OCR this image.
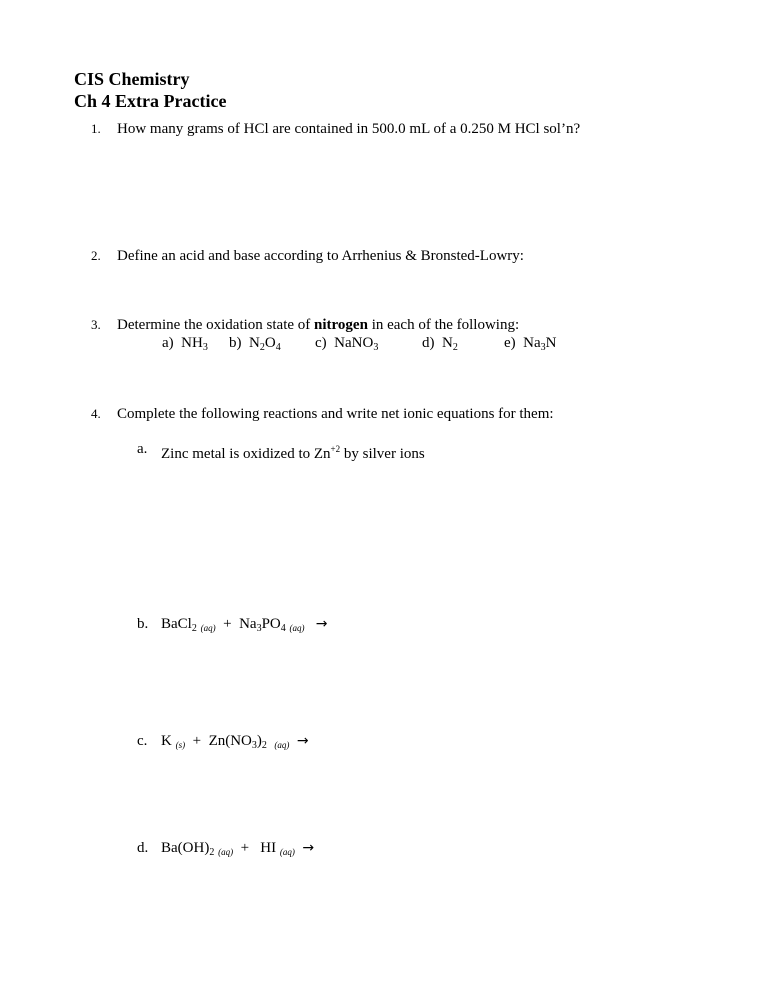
CIS Chemistry
Ch 4 Extra Practice
1. How many grams of HCl are contained in 500.0 mL of a 0.250 M HCl sol’n?
2. Define an acid and base according to Arrhenius & Bronsted-Lowry:
3. Determine the oxidation state of nitrogen in each of the following:
a) $NH_3$ b) $N_2O_4$ c) NaNO$_3$	d) $N_2$	e) $Na_3N$
4. Complete the following reactions and write net ionic equations for them:
a. Zinc metal is oxidized to $Zn^{+2}$ by silver ions
b. BaCl$_2$ $_{(aq)} + Na_3PO_4$ $_{(aq)}$ →
c. K $_{(s)} + Zn(NO_3)_2$ $_{(aq)}$ →
d. $Ba(OH)_2$ $_{(aq)}$ + HI $_{(aq)}$ →
